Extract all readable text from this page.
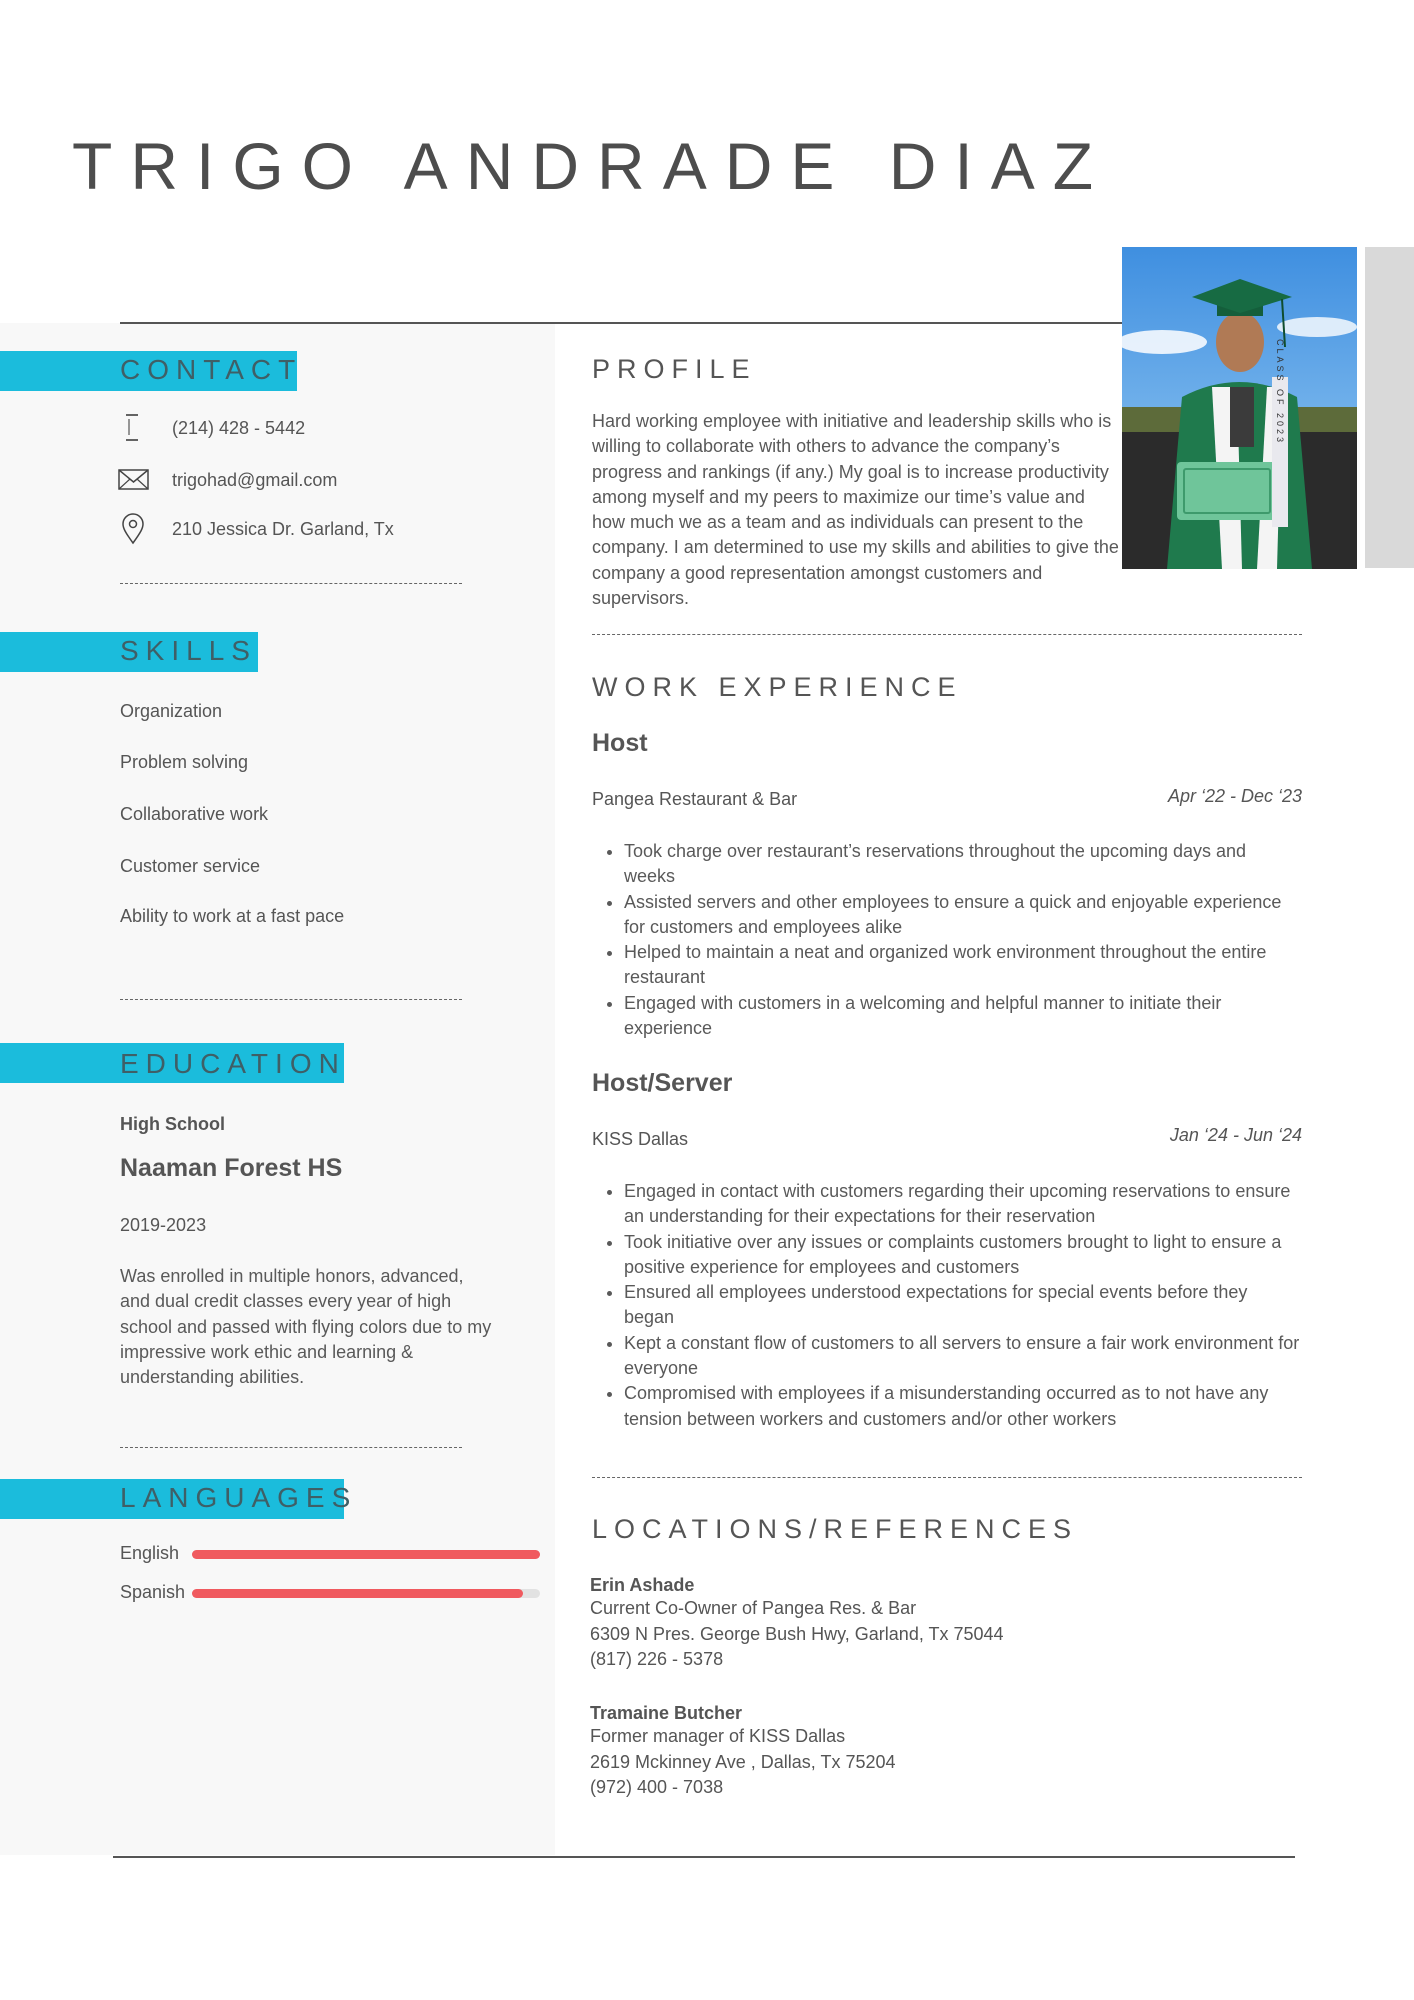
TRIGO ANDRADE DIAZ
CLASS OF 2023
CONTACT
(214) 428 - 5442
trigohad@gmail.com
210 Jessica Dr. Garland, Tx
SKILLS
Organization
Problem solving
Collaborative work
Customer service
Ability to work at a fast pace
EDUCATION
High School
Naaman Forest HS
2019-2023
Was enrolled in multiple honors, advanced, and dual credit classes every year of high school and passed with flying colors due to my impressive work ethic and learning & understanding abilities.
LANGUAGES
English
Spanish
PROFILE
Hard working employee with initiative and leadership skills who is willing to collaborate with others to advance the company’s progress and rankings (if any.) My goal is to increase productivity among myself and my peers to maximize our time’s value and how much we as a team and as individuals can present to the company. I am determined to use my skills and abilities to give the company a good representation amongst customers and supervisors.
WORK EXPERIENCE
Host
Pangea Restaurant & Bar	Apr ‘22 - Dec ‘23
• Took charge over restaurant’s reservations throughout the upcoming days and weeks
• Assisted servers and other employees to ensure a quick and enjoyable experience for customers and employees alike
• Helped to maintain a neat and organized work environment throughout the entire restaurant
• Engaged with customers in a welcoming and helpful manner to initiate their experience
Host/Server
KISS Dallas	Jan ‘24 - Jun ‘24
• Engaged in contact with customers regarding their upcoming reservations to ensure an understanding for their expectations for their reservation
• Took initiative over any issues or complaints customers brought to light to ensure a positive experience for employees and customers
• Ensured all employees understood expectations for special events before they began
• Kept a constant flow of customers to all servers to ensure a fair work environment for everyone
• Compromised with employees if a misunderstanding occurred as to not have any tension between workers and customers and/or other workers
LOCATIONS/REFERENCES
Erin Ashade
Current Co-Owner of Pangea Res. & Bar
6309 N Pres. George Bush Hwy, Garland, Tx 75044
(817) 226 - 5378
Tramaine Butcher
Former manager of KISS Dallas
2619 Mckinney Ave , Dallas, Tx 75204
(972) 400 - 7038
